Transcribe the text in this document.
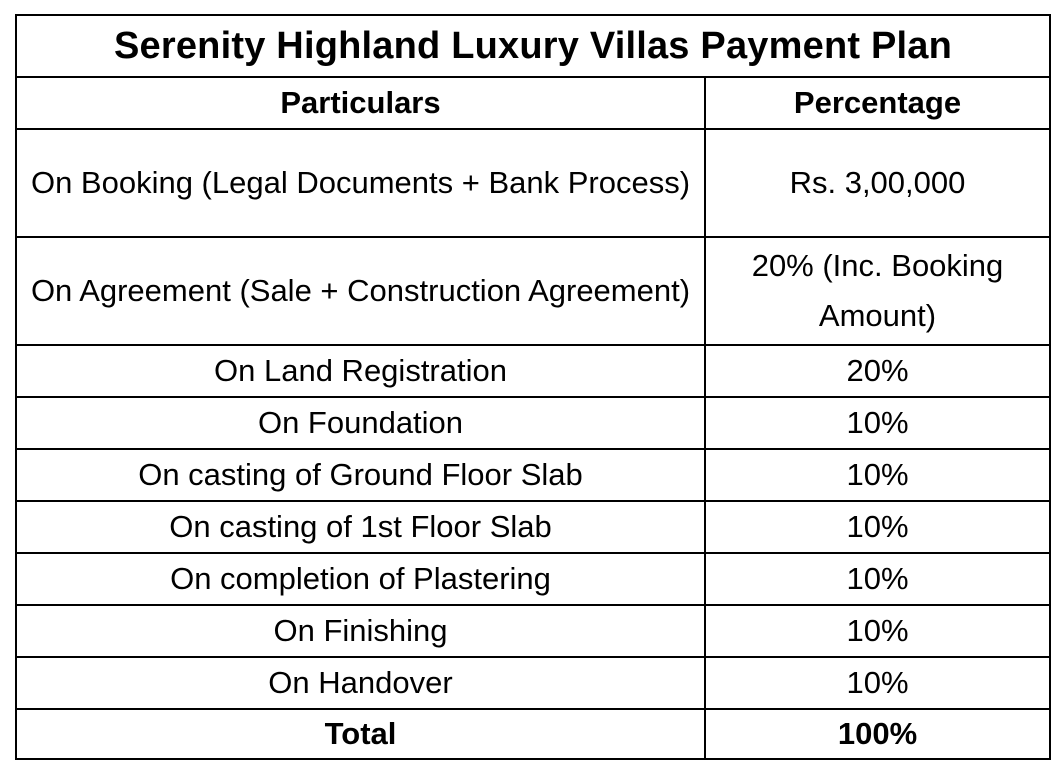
Serenity Highland Luxury Villas Payment Plan	
Particulars	Percentage
On Booking (Legal Documents + Bank Process)	Rs. 3,00,000
On Agreement (Sale + Construction Agreement)	20% (Inc. Booking Amount)
On Land Registration	20%
On Foundation	10%
On casting of Ground Floor Slab	10%
On casting of 1st Floor Slab	10%
On completion of Plastering	10%
On Finishing	10%
On Handover	10%
Total	100%
